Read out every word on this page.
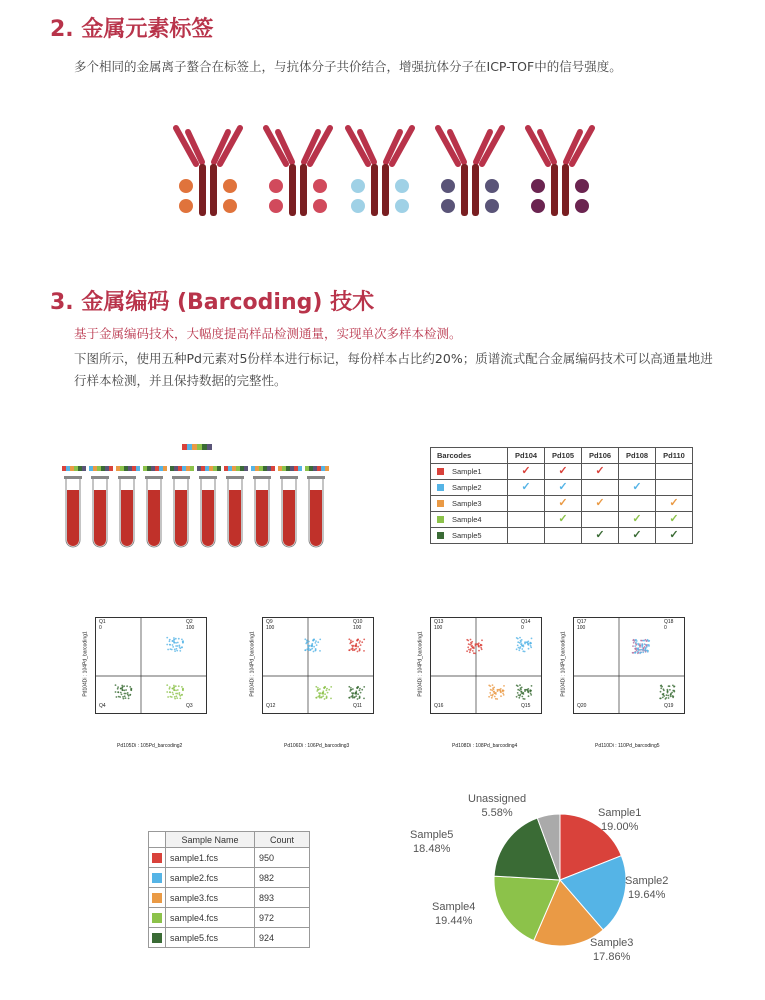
2. 金属元素标签
多个相同的金属离子螯合在标签上，与抗体分子共价结合，增强抗体分子在ICP-TOF中的信号强度。
3. 金属编码 (Barcoding) 技术
基于金属编码技术，大幅度提高样品检测通量，实现单次多样本检测。
下图所示，使用五种Pd元素对5份样本进行标记，每份样本占比约20%；质谱流式配合金属编码技术可以高通量地进行样本检测，并且保持数据的完整性。
Barcodes	Pd104	Pd105	Pd106	Pd108	Pd110
Sample1	✓	✓	✓		
Sample2	✓	✓		✓	
Sample3		✓	✓		✓
Sample4		✓		✓	✓
Sample5			✓	✓	✓
Q1
0
Q2
100
Q4	Q3
Pd105Di : 105Pd_barcoding2
Pd104Di : 104Pd_barcoding1
Q9
100
Q10
100
Q12	Q11
Pd106Di : 106Pd_barcoding3
Pd104Di : 104Pd_barcoding1
Q13
100
Q14
0
Q16	Q15
Pd108Di : 108Pd_barcoding4
Pd104Di : 104Pd_barcoding1
Q17
100
Q18
0
Q20	Q19
Pd110Di : 110Pd_barcoding5
Pd104Di : 104Pd_barcoding1
	Sample Name	Count

	sample1.fcs	950

	sample2.fcs	982

	sample3.fcs	893

	sample4.fcs	972

	sample5.fcs	924
Sample1
19.00%
Sample2
19.64%
Sample3
17.86%
Sample4
19.44%
Sample5
18.48%
Unassigned
5.58%
